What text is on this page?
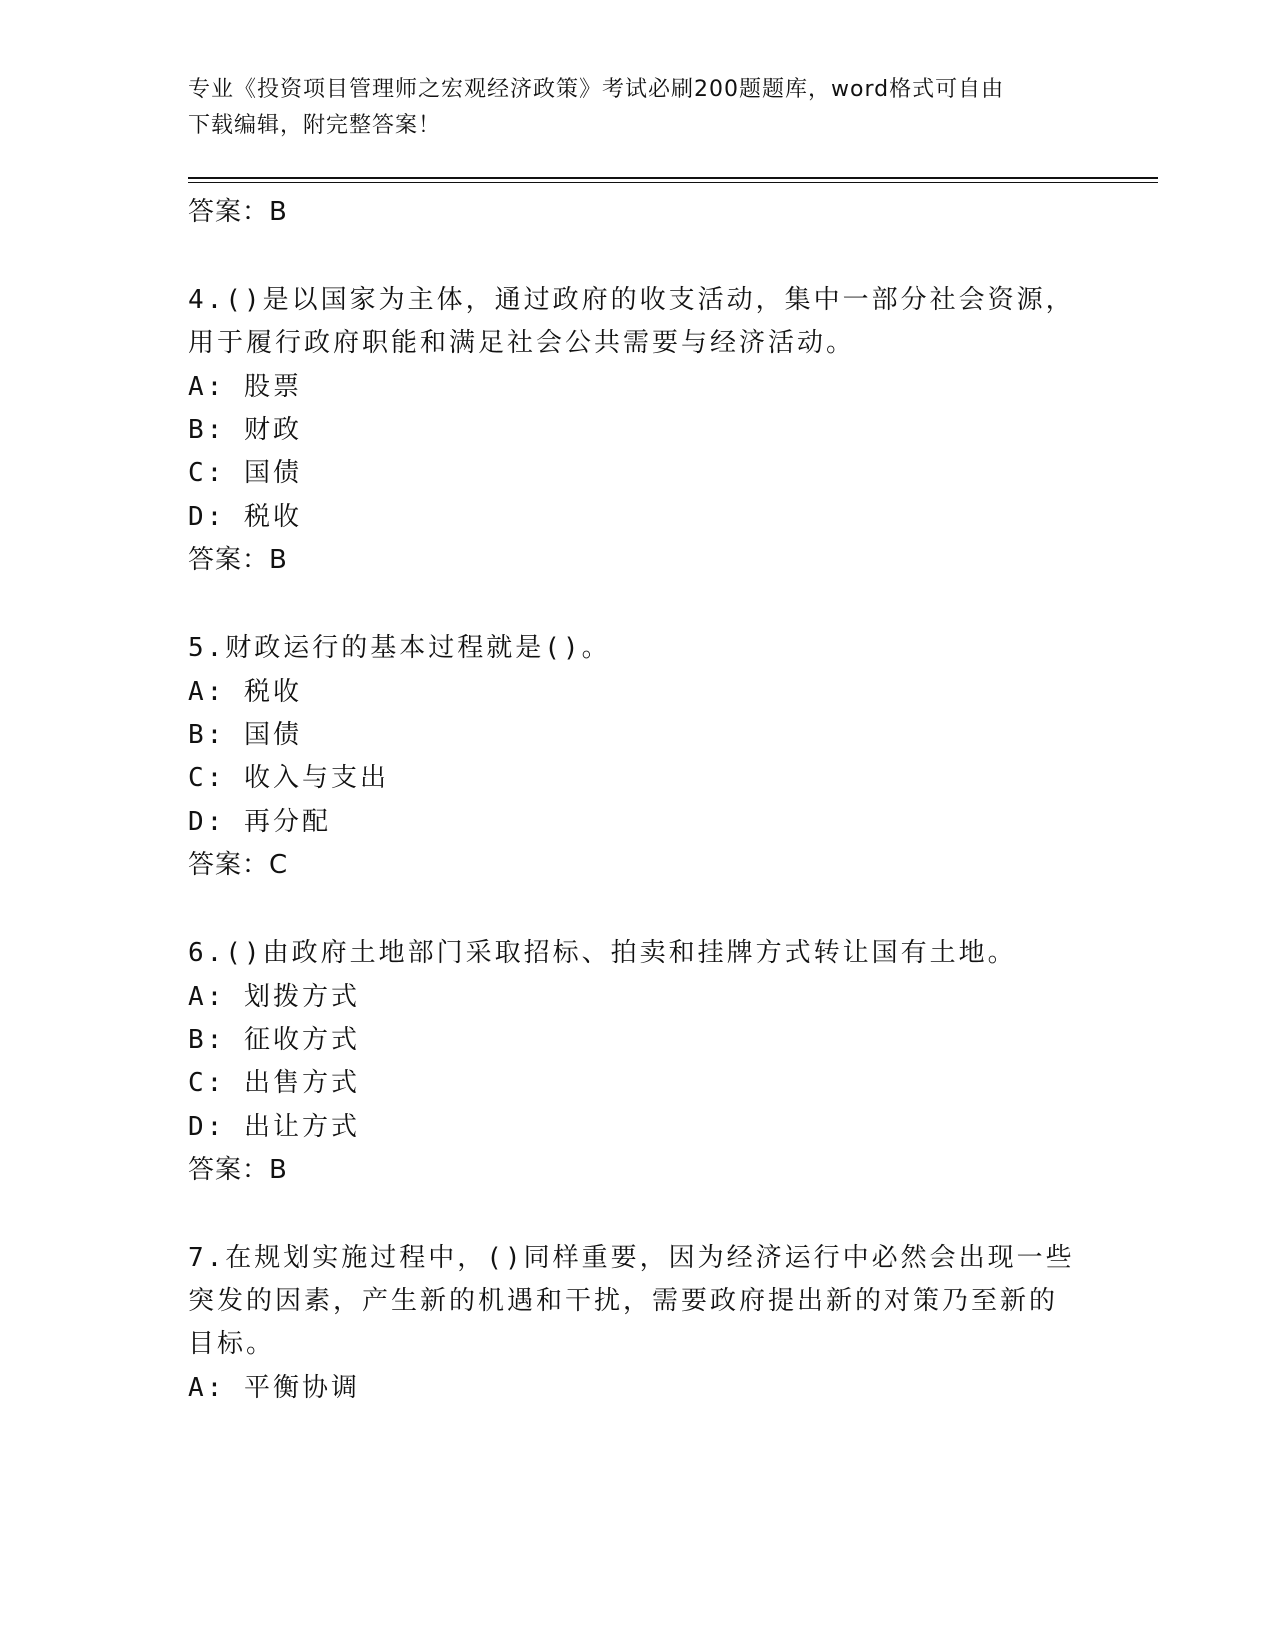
专业《投资项目管理师之宏观经济政策》考试必刷200题题库，word格式可自由
下载编辑，附完整答案！
答案：B
4.()是以国家为主体，通过政府的收支活动，集中一部分社会资源，
用于履行政府职能和满足社会公共需要与经济活动。
A: 股票
B: 财政
C: 国债
D: 税收
答案：B
5.财政运行的基本过程就是()。
A: 税收
B: 国债
C: 收入与支出
D: 再分配
答案：C
6.()由政府土地部门采取招标、拍卖和挂牌方式转让国有土地。
A: 划拨方式
B: 征收方式
C: 出售方式
D: 出让方式
答案：B
7.在规划实施过程中，()同样重要，因为经济运行中必然会出现一些
突发的因素，产生新的机遇和干扰，需要政府提出新的对策乃至新的
目标。
A: 平衡协调
